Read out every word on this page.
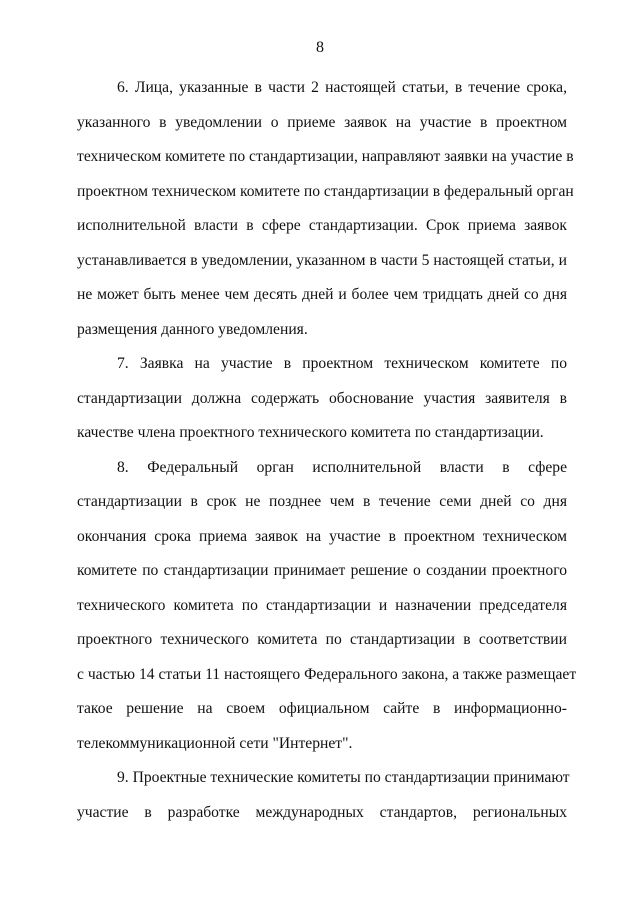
8
6. Лица, указанные в части 2 настоящей статьи, в течение срока,
указанного в уведомлении о приеме заявок на участие в проектном
техническом комитете по стандартизации, направляют заявки на участие в
проектном техническом комитете по стандартизации в федеральный орган
исполнительной власти в сфере стандартизации. Срок приема заявок
устанавливается в уведомлении, указанном в части 5 настоящей статьи, и
не может быть менее чем десять дней и более чем тридцать дней со дня
размещения данного уведомления.
7. Заявка на участие в проектном техническом комитете по
стандартизации должна содержать обоснование участия заявителя в
качестве члена проектного технического комитета по стандартизации.
8. Федеральный орган исполнительной власти в сфере
стандартизации в срок не позднее чем в течение семи дней со дня
окончания срока приема заявок на участие в проектном техническом
комитете по стандартизации принимает решение о создании проектного
технического комитета по стандартизации и назначении председателя
проектного технического комитета по стандартизации в соответствии
с частью 14 статьи 11 настоящего Федерального закона, а также размещает
такое решение на своем официальном сайте в информационно-
телекоммуникационной сети "Интернет".
9. Проектные технические комитеты по стандартизации принимают
участие в разработке международных стандартов, региональных
